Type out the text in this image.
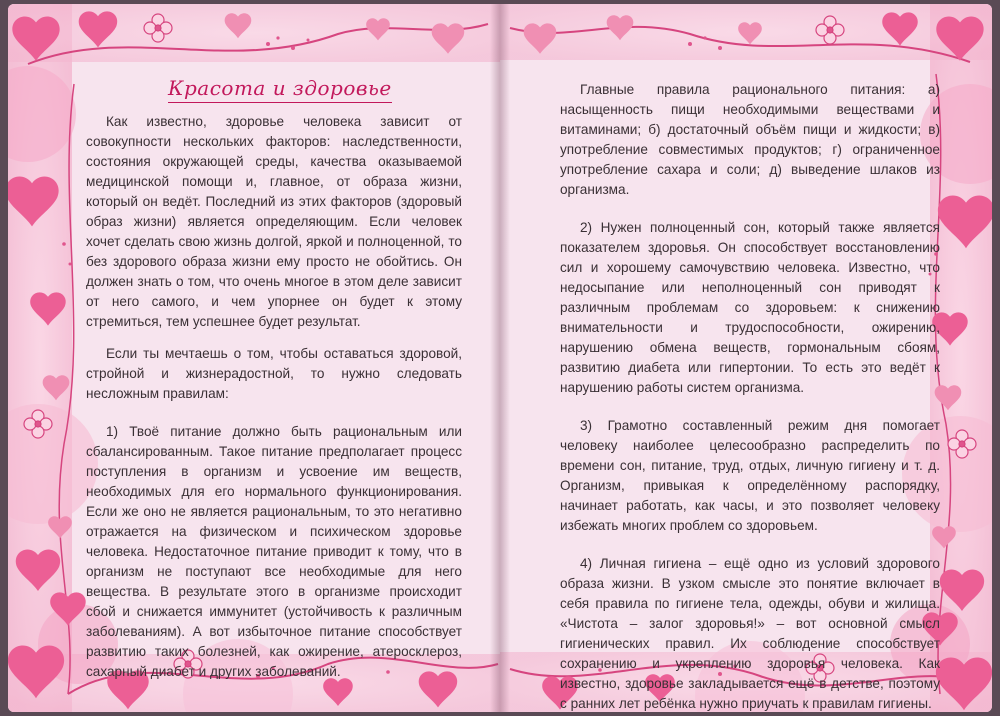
Красота и здоровье

Как известно, здоровье человека зависит от совокупности нескольких факторов: наследственности, состояния окружающей среды, качества оказываемой медицинской помощи и, главное, от образа жизни, который он ведёт. Последний из этих факторов (здоровый образ жизни) является определяющим. Если человек хочет сделать свою жизнь долгой, яркой и полноценной, то без здорового образа жизни ему просто не обойтись. Он должен знать о том, что очень многое в этом деле зависит от него самого, и чем упорнее он будет к этому стремиться, тем успешнее будет результат.

Если ты мечтаешь о том, чтобы оставаться здоровой, стройной и жизнерадостной, то нужно следовать несложным правилам:

1) Твоё питание должно быть рациональным или сбалансированным. Такое питание предполагает процесс поступления в организм и усвоение им веществ, необходимых для его нормального функционирования. Если же оно не является рациональным, то это негативно отражается на физическом и психическом здоровье человека. Недостаточное питание приводит к тому, что в организм не поступают все необходимые для него вещества. В результате этого в организме происходит сбой и снижается иммунитет (устойчивость к различным заболеваниям). А вот избыточное питание способствует развитию таких болезней, как ожирение, атеросклероз, сахарный диабет и других заболеваний.

Главные правила рационального питания: а) насыщенность пищи необходимыми веществами и витаминами; б) достаточный объём пищи и жидкости; в) употребление совместимых продуктов; г) ограниченное употребление сахара и соли; д) выведение шлаков из организма.

2) Нужен полноценный сон, который также является показателем здоровья. Он способствует восстановлению сил и хорошему самочувствию человека. Известно, что недосыпание или неполноценный сон приводят к различным проблемам со здоровьем: к снижению внимательности и трудоспособности, ожирению, нарушению обмена веществ, гормональным сбоям, развитию диабета или гипертонии. То есть это ведёт к нарушению работы систем организма.

3) Грамотно составленный режим дня помогает человеку наиболее целесообразно распределить по времени сон, питание, труд, отдых, личную гигиену и т. д. Организм, привыкая к определённому распорядку, начинает работать, как часы, и это позволяет человеку избежать многих проблем со здоровьем.

4) Личная гигиена – ещё одно из условий здорового образа жизни. В узком смысле это понятие включает в себя правила по гигиене тела, одежды, обуви и жилища. «Чистота – залог здоровья!» – вот основной смысл гигиенических правил. Их соблюдение способствует сохранению и укреплению здоровья человека. Как известно, здоровье закладывается ещё в детстве, поэтому с ранних лет ребёнка нужно приучать к правилам гигиены.
